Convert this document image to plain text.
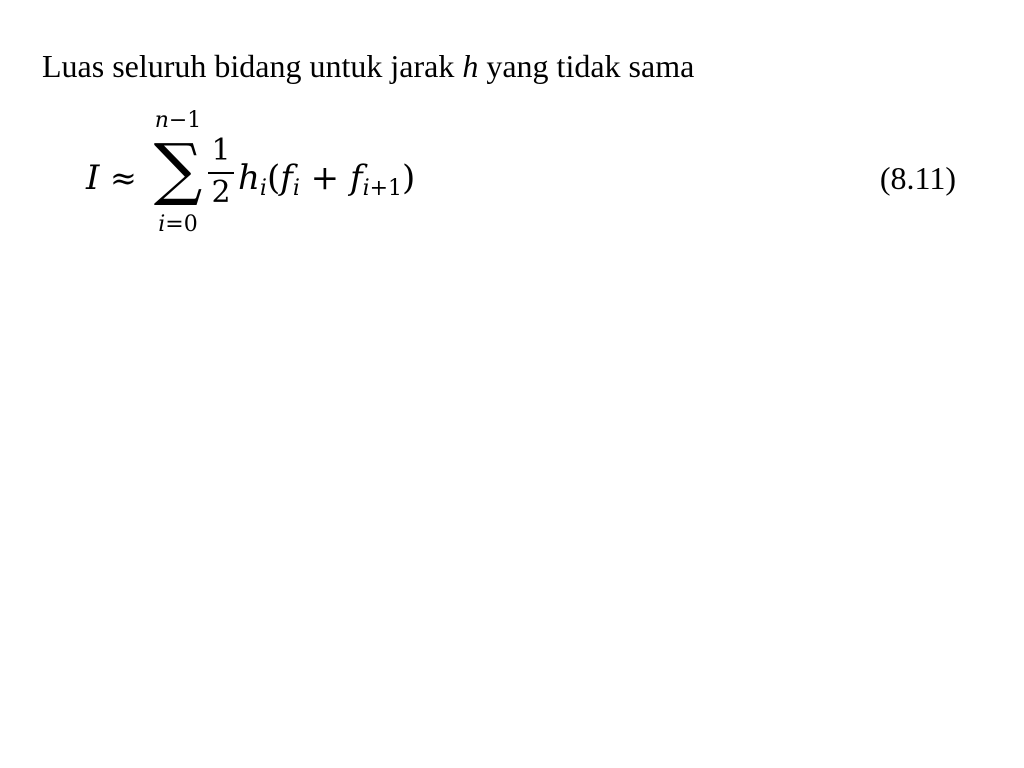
Luas seluruh bidang untuk jarak h yang tidak sama
I ≈
n−1
∑
i=0
1
2 $h_i(f_i + f_{i+1})$	(8.11)
